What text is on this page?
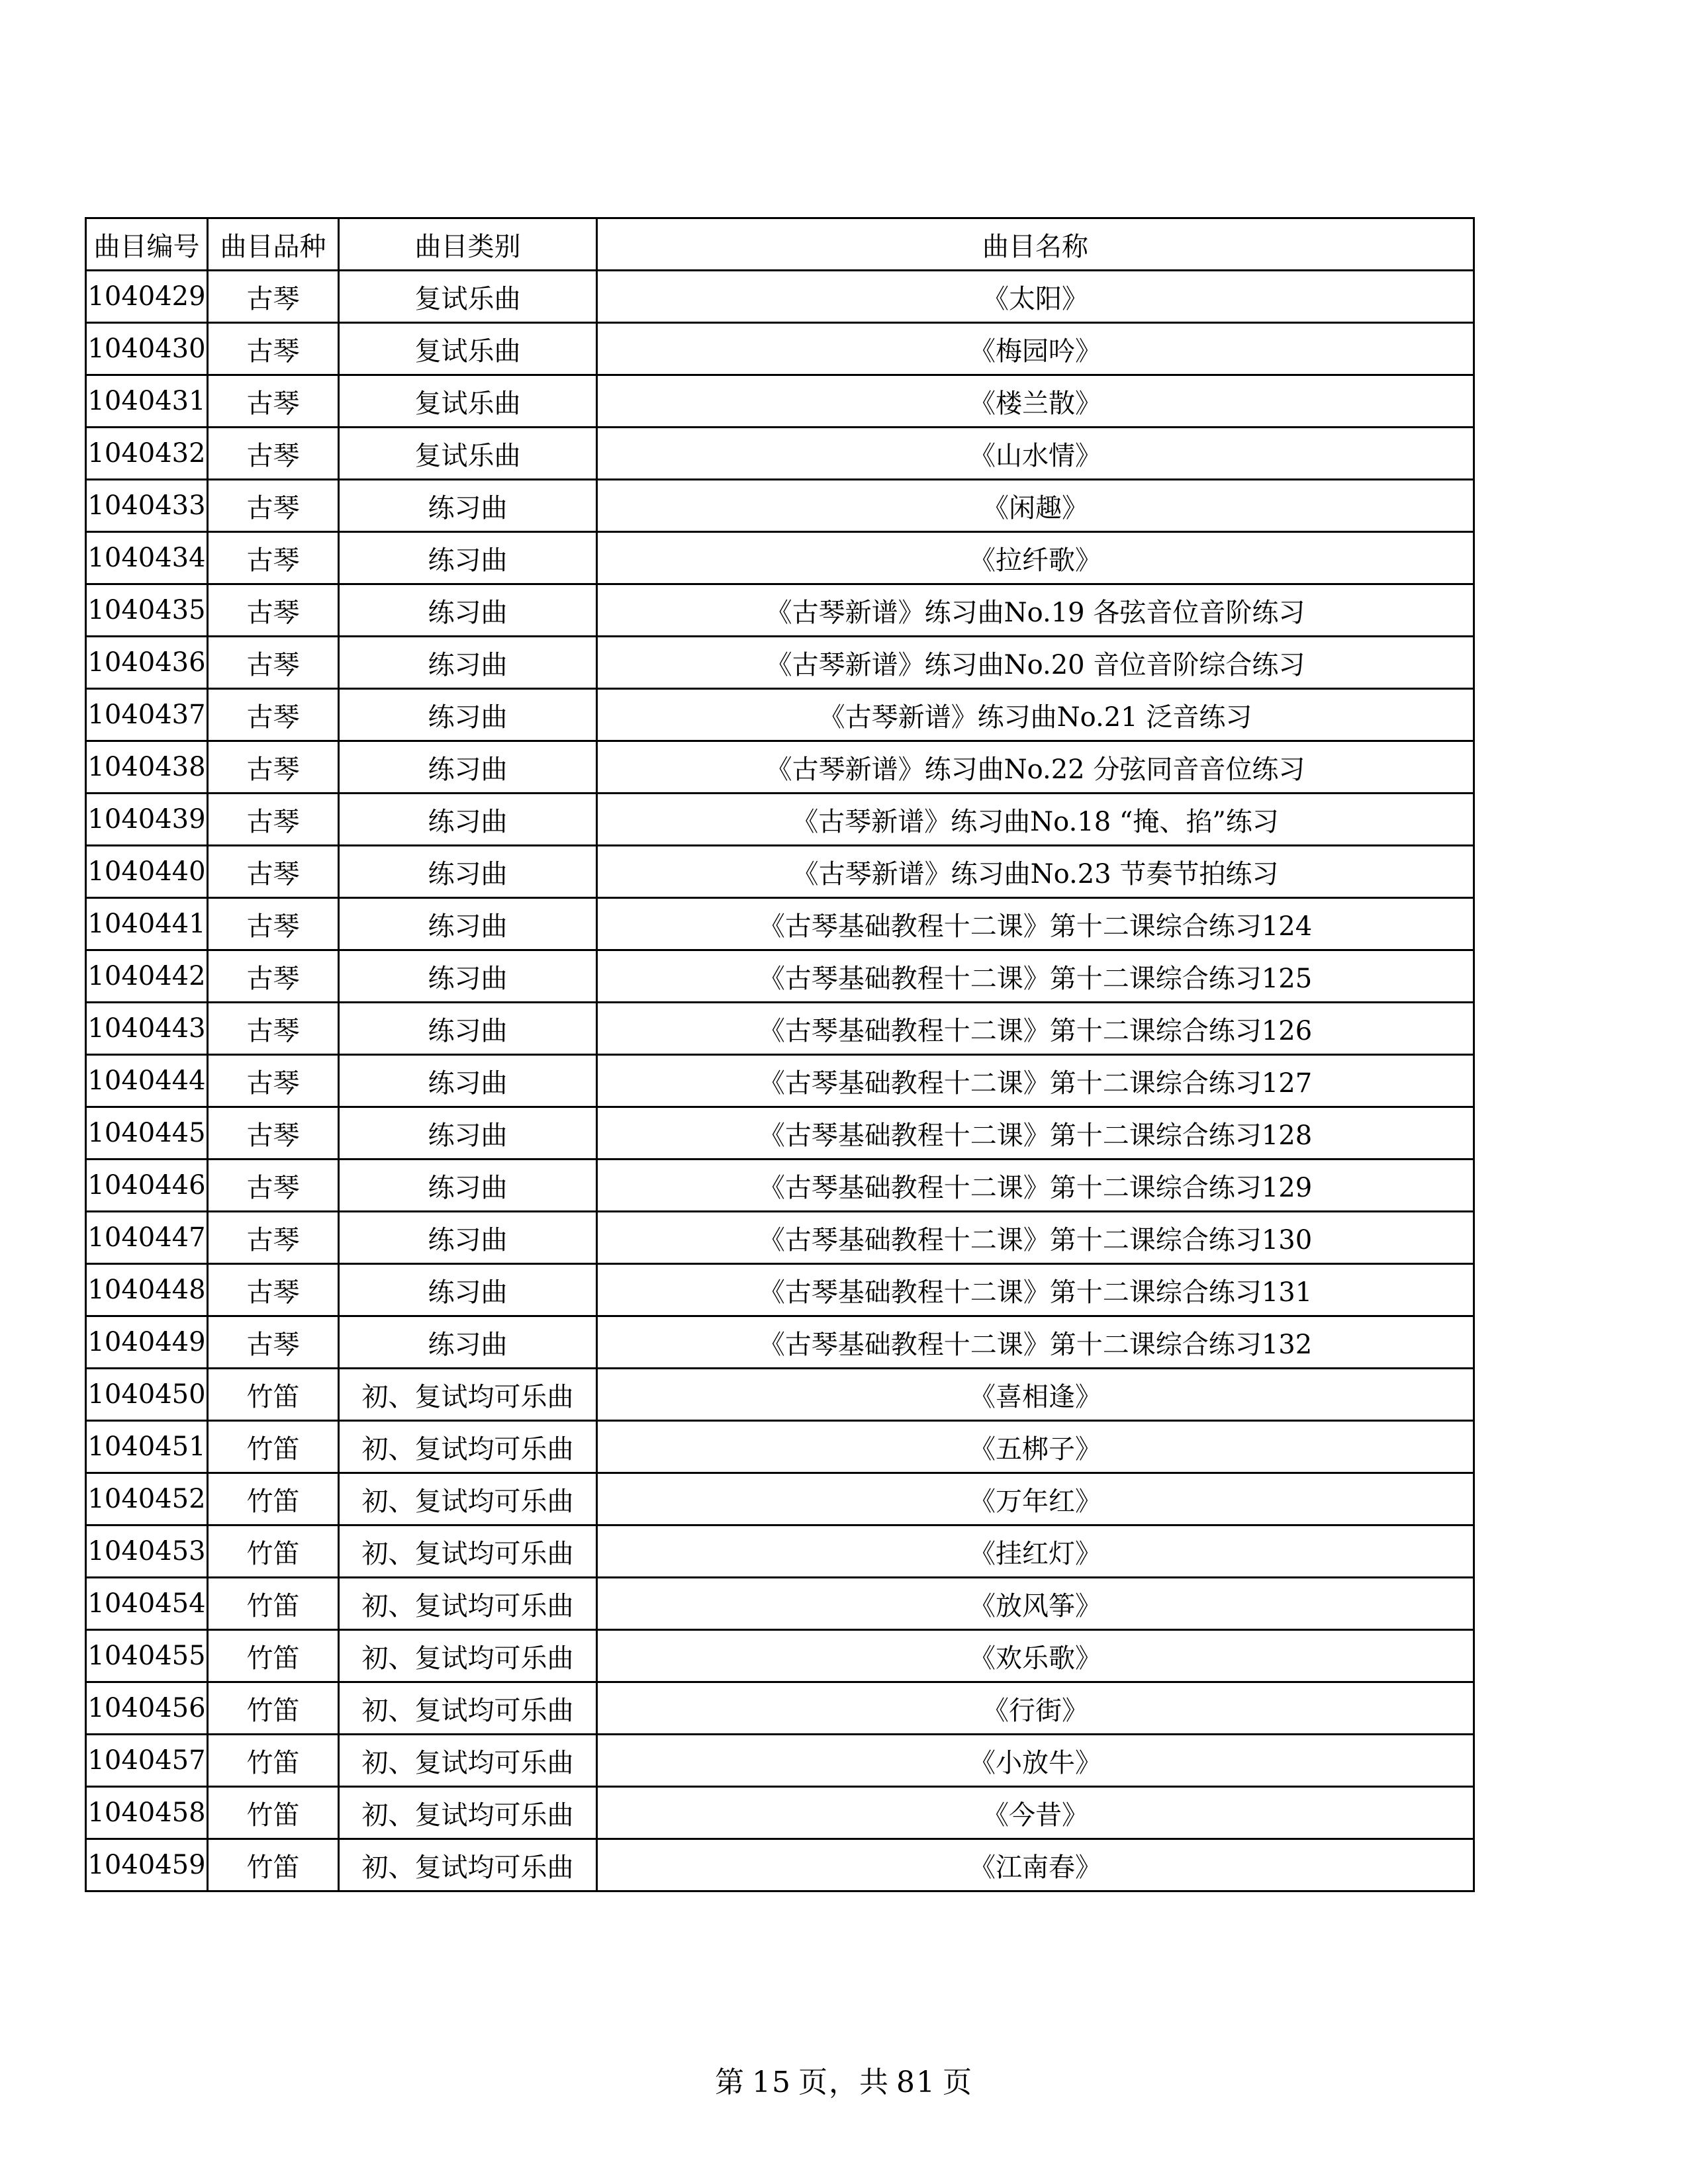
曲目编号	曲目品种	曲目类别	曲目名称
1040429	古琴	复试乐曲	《太阳》
1040430	古琴	复试乐曲	《梅园吟》
1040431	古琴	复试乐曲	《楼兰散》
1040432	古琴	复试乐曲	《山水情》
1040433	古琴	练习曲	《闲趣》
1040434	古琴	练习曲	《拉纤歌》
1040435	古琴	练习曲	《古琴新谱》练习曲No.19 各弦音位音阶练习
1040436	古琴	练习曲	《古琴新谱》练习曲No.20 音位音阶综合练习
1040437	古琴	练习曲	《古琴新谱》练习曲No.21 泛音练习
1040438	古琴	练习曲	《古琴新谱》练习曲No.22 分弦同音音位练习
1040439	古琴	练习曲	《古琴新谱》练习曲No.18 “掩、掐”练习
1040440	古琴	练习曲	《古琴新谱》练习曲No.23 节奏节拍练习
1040441	古琴	练习曲	《古琴基础教程十二课》第十二课综合练习124
1040442	古琴	练习曲	《古琴基础教程十二课》第十二课综合练习125
1040443	古琴	练习曲	《古琴基础教程十二课》第十二课综合练习126
1040444	古琴	练习曲	《古琴基础教程十二课》第十二课综合练习127
1040445	古琴	练习曲	《古琴基础教程十二课》第十二课综合练习128
1040446	古琴	练习曲	《古琴基础教程十二课》第十二课综合练习129
1040447	古琴	练习曲	《古琴基础教程十二课》第十二课综合练习130
1040448	古琴	练习曲	《古琴基础教程十二课》第十二课综合练习131
1040449	古琴	练习曲	《古琴基础教程十二课》第十二课综合练习132
1040450	竹笛	初、复试均可乐曲	《喜相逢》
1040451	竹笛	初、复试均可乐曲	《五梆子》
1040452	竹笛	初、复试均可乐曲	《万年红》
1040453	竹笛	初、复试均可乐曲	《挂红灯》
1040454	竹笛	初、复试均可乐曲	《放风筝》
1040455	竹笛	初、复试均可乐曲	《欢乐歌》
1040456	竹笛	初、复试均可乐曲	《行街》
1040457	竹笛	初、复试均可乐曲	《小放牛》
1040458	竹笛	初、复试均可乐曲	《今昔》
1040459	竹笛	初、复试均可乐曲	《江南春》
第 15 页，共 81 页
